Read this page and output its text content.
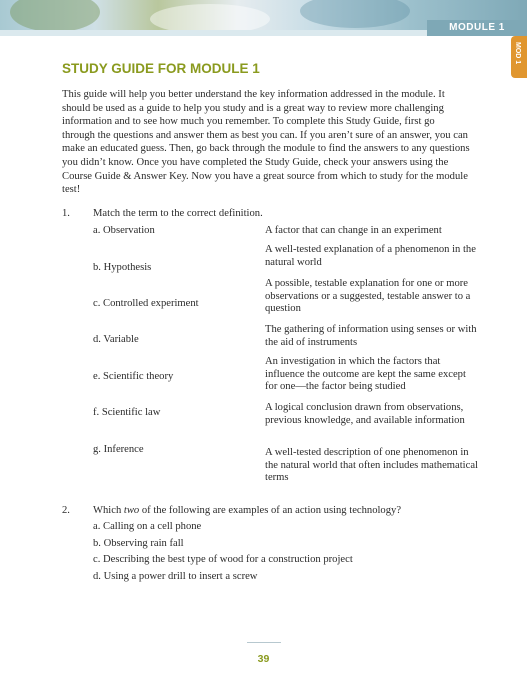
MODULE 1
MOD 1
STUDY GUIDE FOR MODULE 1

This guide will help you better understand the key information addressed in the module. It should be used as a guide to help you study and is a great way to review more challenging information and to see how much you remember. To complete this Study Guide, first go through the questions and answer them as best you can. If you aren’t sure of an answer, you can make an educated guess. Then, go back through the module to find the answers to any questions you didn’t know. Once you have completed the Study Guide, check your answers using the Course Guide & Answer Key. Now you have a great source from which to study for the module test!

1. Match the term to the correct definition.
a. Observation
b. Hypothesis
c. Controlled experiment
d. Variable
e. Scientific theory
f. Scientific law
g. Inference
A factor that can change in an experiment
A well-tested explanation of a phenomenon in the natural world
A possible, testable explanation for one or more observations or a suggested, testable answer to a question
The gathering of information using senses or with the aid of instruments
An investigation in which the factors that influence the outcome are kept the same except for one—the factor being studied
A logical conclusion drawn from observations, previous knowledge, and available information
A well-tested description of one phenomenon in the natural world that often includes mathematical terms
2. Which two of the following are examples of an action using technology?
a. Calling on a cell phone
b. Observing rain fall
c. Describing the best type of wood for a construction project
d. Using a power drill to insert a screw
39
